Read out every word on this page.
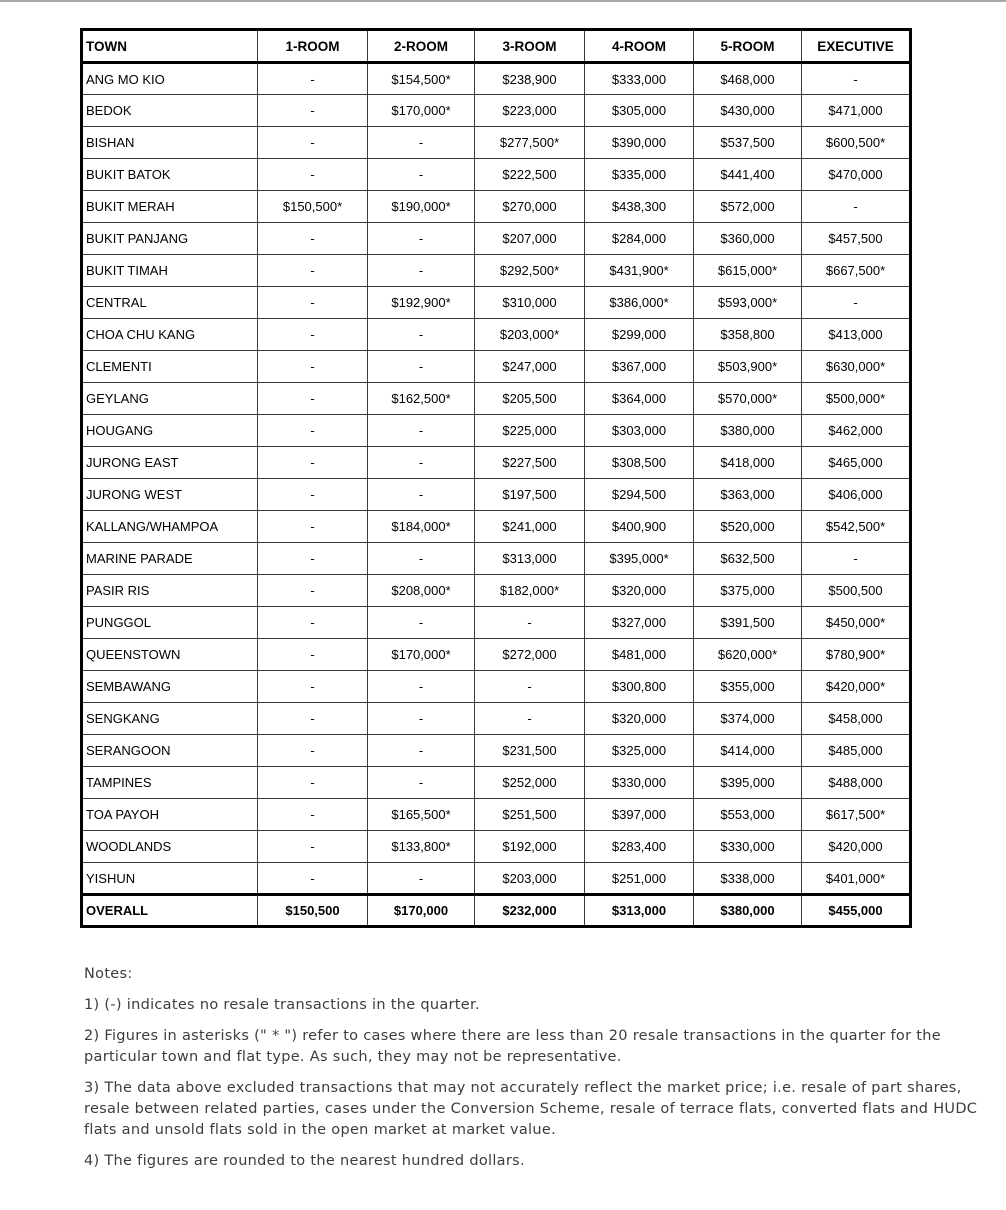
TOWN	1-ROOM	2-ROOM	3-ROOM	4-ROOM	5-ROOM	EXECUTIVE
ANG MO KIO	-	$154,500*	$238,900	$333,000	$468,000	-
BEDOK	-	$170,000*	$223,000	$305,000	$430,000	$471,000
BISHAN	-	-	$277,500*	$390,000	$537,500	$600,500*
BUKIT BATOK	-	-	$222,500	$335,000	$441,400	$470,000
BUKIT MERAH	$150,500*	$190,000*	$270,000	$438,300	$572,000	-
BUKIT PANJANG	-	-	$207,000	$284,000	$360,000	$457,500
BUKIT TIMAH	-	-	$292,500*	$431,900*	$615,000*	$667,500*
CENTRAL	-	$192,900*	$310,000	$386,000*	$593,000*	-
CHOA CHU KANG	-	-	$203,000*	$299,000	$358,800	$413,000
CLEMENTI	-	-	$247,000	$367,000	$503,900*	$630,000*
GEYLANG	-	$162,500*	$205,500	$364,000	$570,000*	$500,000*
HOUGANG	-	-	$225,000	$303,000	$380,000	$462,000
JURONG EAST	-	-	$227,500	$308,500	$418,000	$465,000
JURONG WEST	-	-	$197,500	$294,500	$363,000	$406,000
KALLANG/WHAMPOA	-	$184,000*	$241,000	$400,900	$520,000	$542,500*
MARINE PARADE	-	-	$313,000	$395,000*	$632,500	-
PASIR RIS	-	$208,000*	$182,000*	$320,000	$375,000	$500,500
PUNGGOL	-	-	-	$327,000	$391,500	$450,000*
QUEENSTOWN	-	$170,000*	$272,000	$481,000	$620,000*	$780,900*
SEMBAWANG	-	-	-	$300,800	$355,000	$420,000*
SENGKANG	-	-	-	$320,000	$374,000	$458,000
SERANGOON	-	-	$231,500	$325,000	$414,000	$485,000
TAMPINES	-	-	$252,000	$330,000	$395,000	$488,000
TOA PAYOH	-	$165,500*	$251,500	$397,000	$553,000	$617,500*
WOODLANDS	-	$133,800*	$192,000	$283,400	$330,000	$420,000
YISHUN	-	-	$203,000	$251,000	$338,000	$401,000*
OVERALL	$150,500	$170,000	$232,000	$313,000	$380,000	$455,000

Notes:

1) (-) indicates no resale transactions in the quarter.

2) Figures in asterisks (" * ") refer to cases where there are less than 20 resale transactions in the quarter for the particular town and flat type. As such, they may not be representative.

3) The data above excluded transactions that may not accurately reflect the market price; i.e. resale of part shares, resale between related parties, cases under the Conversion Scheme, resale of terrace flats, converted flats and HUDC flats and unsold flats sold in the open market at market value.

4) The figures are rounded to the nearest hundred dollars.
